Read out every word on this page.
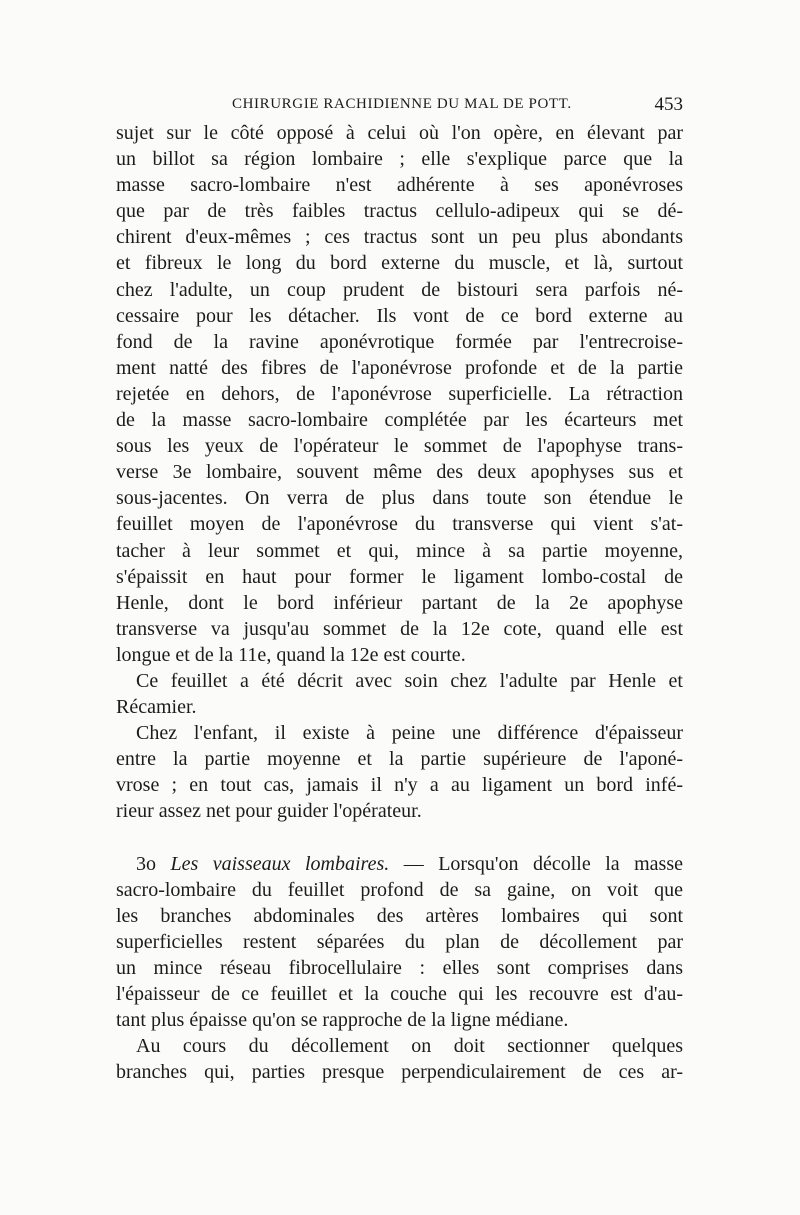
CHIRURGIE RACHIDIENNE DU MAL DE POTT.	453

sujet sur le côté opposé à celui où l'on opère, en élevant par
un billot sa région lombaire ; elle s'explique parce que la
masse sacro-lombaire n'est adhérente à ses aponévroses
que par de très faibles tractus cellulo-adipeux qui se dé-
chirent d'eux-mêmes ; ces tractus sont un peu plus abondants
et fibreux le long du bord externe du muscle, et là, surtout
chez l'adulte, un coup prudent de bistouri sera parfois né-
cessaire pour les détacher. Ils vont de ce bord externe au
fond de la ravine aponévrotique formée par l'entrecroise-
ment natté des fibres de l'aponévrose profonde et de la partie
rejetée en dehors, de l'aponévrose superficielle. La rétraction
de la masse sacro-lombaire complétée par les écarteurs met
sous les yeux de l'opérateur le sommet de l'apophyse trans-
verse 3e lombaire, souvent même des deux apophyses sus et
sous-jacentes. On verra de plus dans toute son étendue le
feuillet moyen de l'aponévrose du transverse qui vient s'at-
tacher à leur sommet et qui, mince à sa partie moyenne,
s'épaissit en haut pour former le ligament lombo-costal de
Henle, dont le bord inférieur partant de la 2e apophyse
transverse va jusqu'au sommet de la 12e cote, quand elle est
longue et de la 11e, quand la 12e est courte.

Ce feuillet a été décrit avec soin chez l'adulte par Henle et
Récamier.

Chez l'enfant, il existe à peine une différence d'épaisseur
entre la partie moyenne et la partie supérieure de l'aponé-
vrose ; en tout cas, jamais il n'y a au ligament un bord infé-
rieur assez net pour guider l'opérateur.

3o Les vaisseaux lombaires. — Lorsqu'on décolle la masse
sacro-lombaire du feuillet profond de sa gaine, on voit que
les branches abdominales des artères lombaires qui sont
superficielles restent séparées du plan de décollement par
un mince réseau fibrocellulaire : elles sont comprises dans
l'épaisseur de ce feuillet et la couche qui les recouvre est d'au-
tant plus épaisse qu'on se rapproche de la ligne médiane.

Au cours du décollement on doit sectionner quelques
branches qui, parties presque perpendiculairement de ces ar-
